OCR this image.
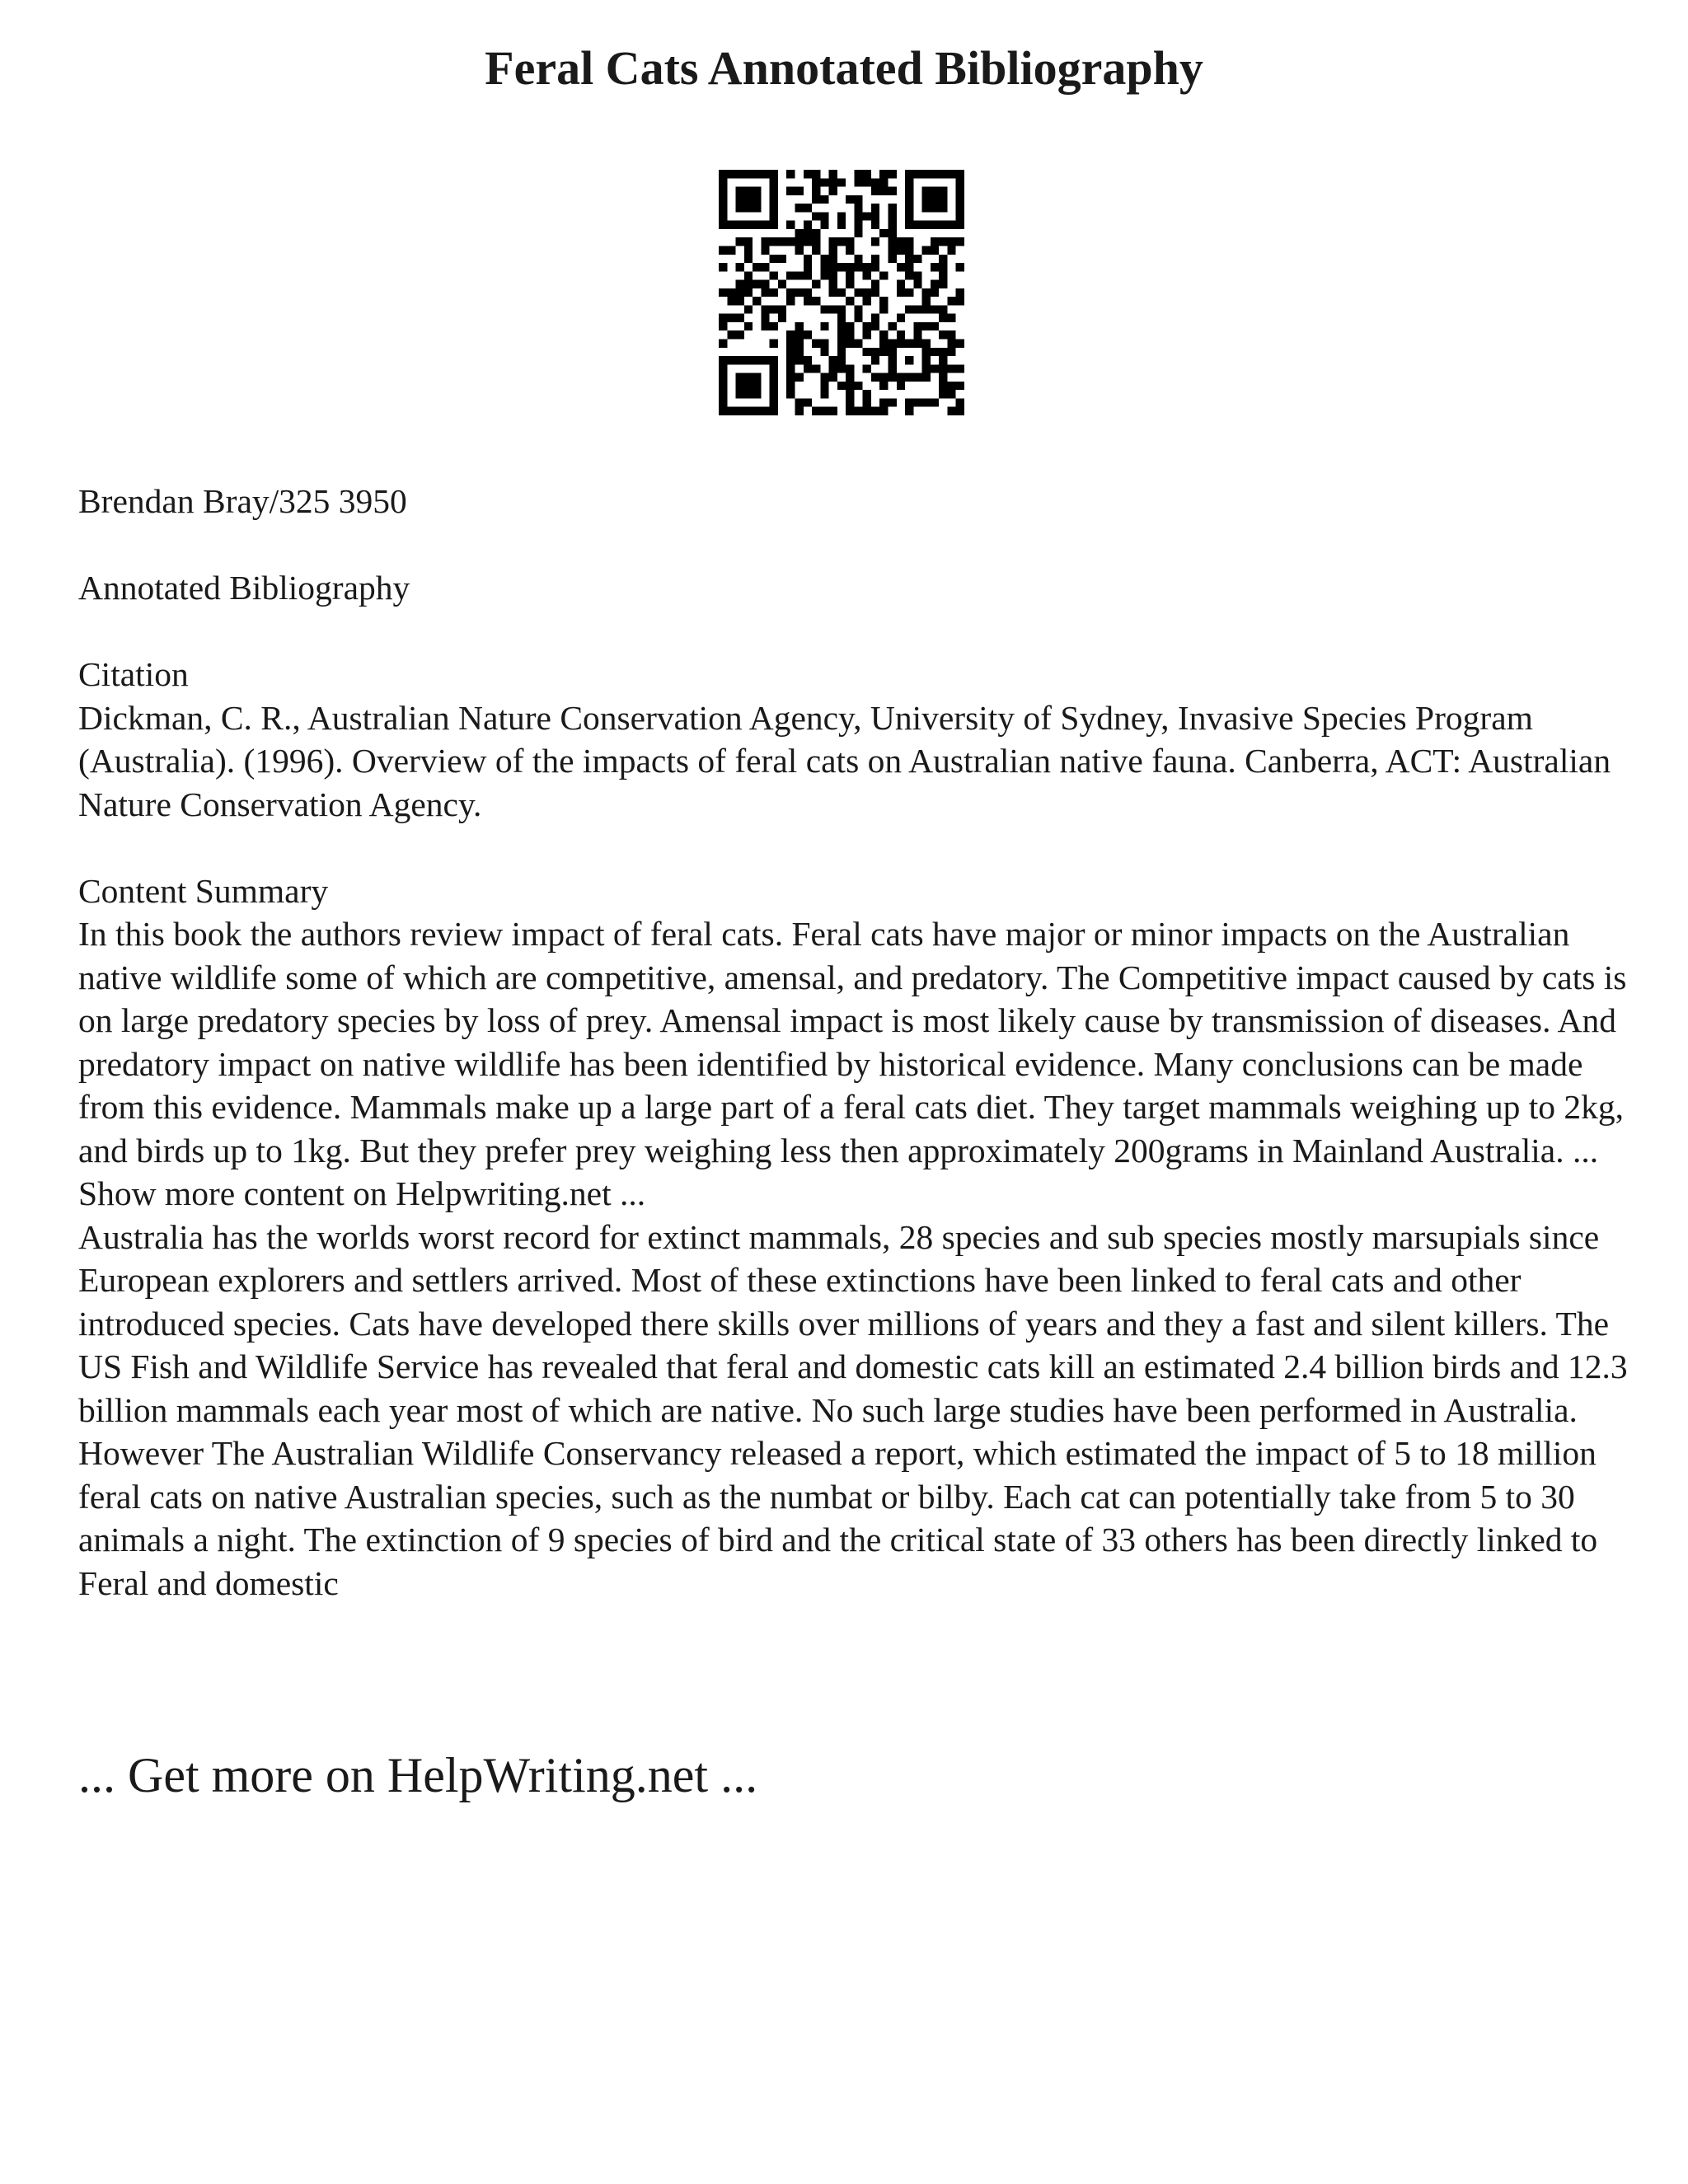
Feral Cats Annotated Bibliography

Brendan Bray/325 3950

Annotated Bibliography

Citation

Dickman, C. R., Australian Nature Conservation Agency, University of Sydney, Invasive Species Program (Australia). (1996). Overview of the impacts of feral cats on Australian native fauna. Canberra, ACT: Australian Nature Conservation Agency.

Content Summary

In this book the authors review impact of feral cats. Feral cats have major or minor impacts on the Australian native wildlife some of which are competitive, amensal, and predatory. The Competitive impact caused by cats is on large predatory species by loss of prey. Amensal impact is most likely cause by transmission of diseases. And predatory impact on native wildlife has been identified by historical evidence. Many conclusions can be made from this evidence. Mammals make up a large part of a feral cats diet. They target mammals weighing up to 2kg, and birds up to 1kg. But they prefer prey weighing less then approximately 200grams in Mainland Australia. ... Show more content on Helpwriting.net ...

Australia has the worlds worst record for extinct mammals, 28 species and sub species mostly marsupials since European explorers and settlers arrived. Most of these extinctions have been linked to feral cats and other introduced species. Cats have developed there skills over millions of years and they a fast and silent killers. The US Fish and Wildlife Service has revealed that feral and domestic cats kill an estimated 2.4 billion birds and 12.3 billion mammals each year most of which are native. No such large studies have been performed in Australia. However The Australian Wildlife Conservancy released a report, which estimated the impact of 5 to 18 million feral cats on native Australian species, such as the numbat or bilby. Each cat can potentially take from 5 to 30 animals a night. The extinction of 9 species of bird and the critical state of 33 others has been directly linked to Feral and domestic

... Get more on HelpWriting.net ...
